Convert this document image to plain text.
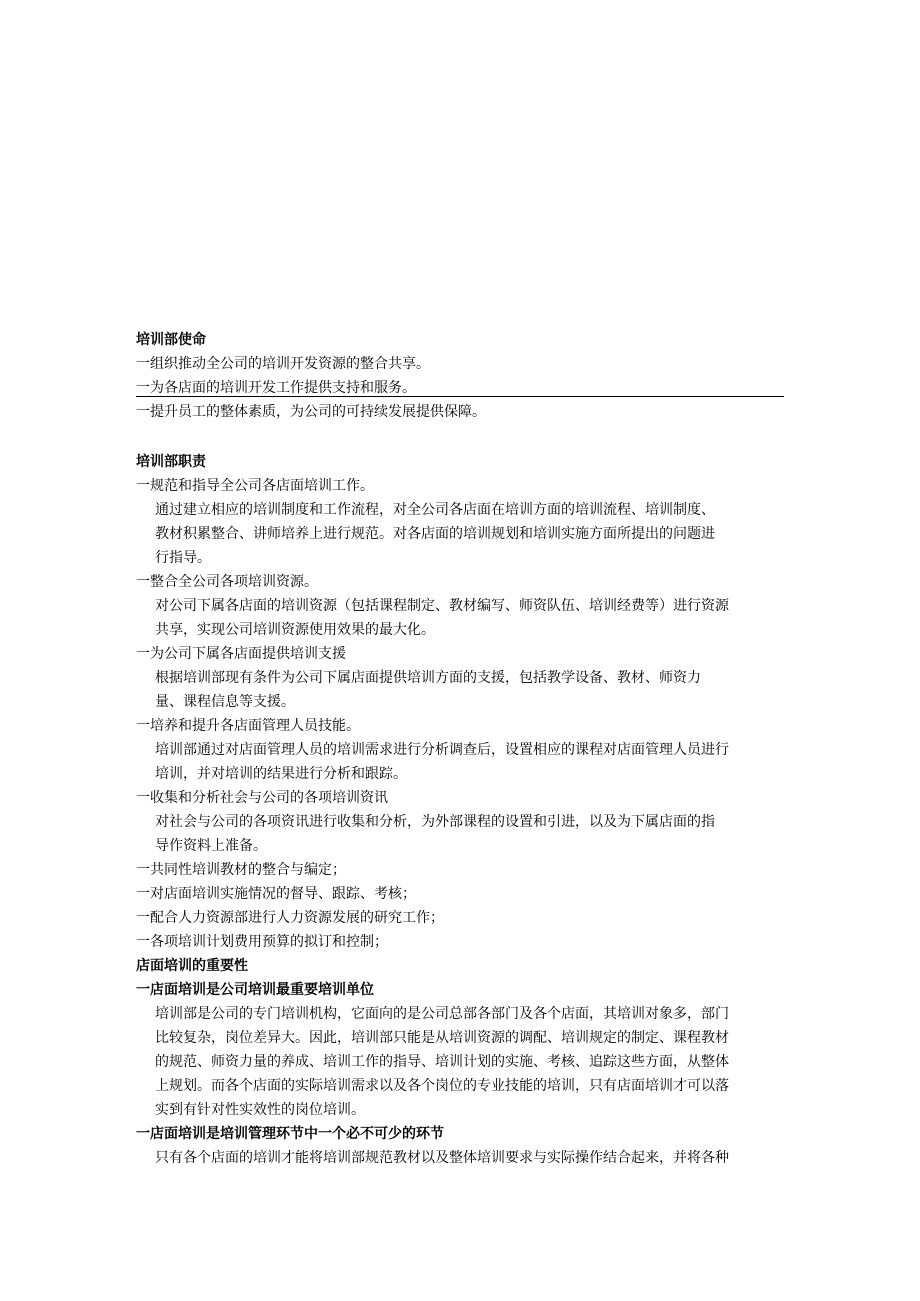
培训部使命
一组织推动全公司的培训开发资源的整合共享。
一为各店面的培训开发工作提供支持和服务。
一提升员工的整体素质，为公司的可持续发展提供保障。
培训部职责
一规范和指导全公司各店面培训工作。
通过建立相应的培训制度和工作流程，对全公司各店面在培训方面的培训流程、培训制度、
教材积累整合、讲师培养上进行规范。对各店面的培训规划和培训实施方面所提出的问题进
行指导。
一整合全公司各项培训资源。
对公司下属各店面的培训资源（包括课程制定、教材编写、师资队伍、培训经费等）进行资源
共享，实现公司培训资源使用效果的最大化。
一为公司下属各店面提供培训支援
根据培训部现有条件为公司下属店面提供培训方面的支援，包括教学设备、教材、师资力
量、课程信息等支援。
一培养和提升各店面管理人员技能。
培训部通过对店面管理人员的培训需求进行分析调查后，设置相应的课程对店面管理人员进行
培训，并对培训的结果进行分析和跟踪。
一收集和分析社会与公司的各项培训资讯
对社会与公司的各项资讯进行收集和分析，为外部课程的设置和引进，以及为下属店面的指
导作资料上准备。
一共同性培训教材的整合与编定；
一对店面培训实施情况的督导、跟踪、考核；
一配合人力资源部进行人力资源发展的研究工作；
一各项培训计划费用预算的拟订和控制；
店面培训的重要性
一店面培训是公司培训最重要培训单位
培训部是公司的专门培训机构，它面向的是公司总部各部门及各个店面，其培训对象多，部门
比较复杂，岗位差异大。因此，培训部只能是从培训资源的调配、培训规定的制定、课程教材
的规范、师资力量的养成、培训工作的指导、培训计划的实施、考核、追踪这些方面，从整体
上规划。而各个店面的实际培训需求以及各个岗位的专业技能的培训，只有店面培训才可以落
实到有针对性实效性的岗位培训。
一店面培训是培训管理环节中一个必不可少的环节
只有各个店面的培训才能将培训部规范教材以及整体培训要求与实际操作结合起来，并将各种
